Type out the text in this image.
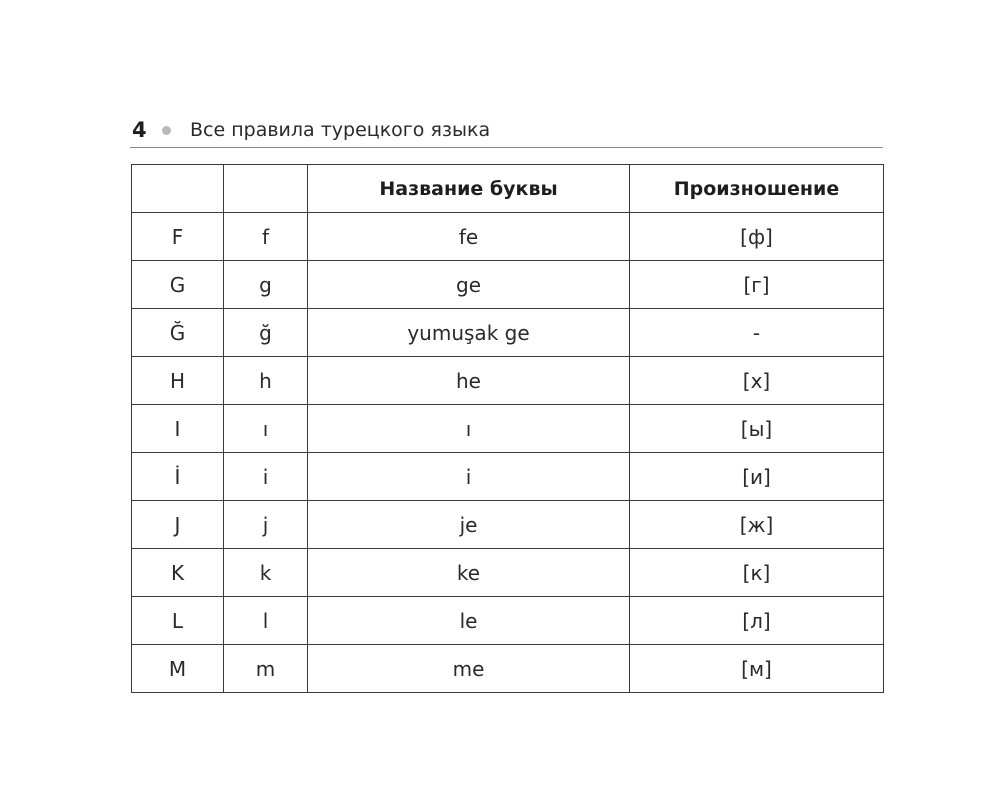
4 Все правила турецкого языка
		Название буквы	Произношение
F	f	fe	[ф]
G	g	ge	[г]
Ğ	ğ	yumuşak ge	-
H	h	he	[х]
I	ı	ı	[ы]
İ	i	i	[и]
J	j	je	[ж]
K	k	ke	[к]
L	l	le	[л]
M	m	me	[м]
